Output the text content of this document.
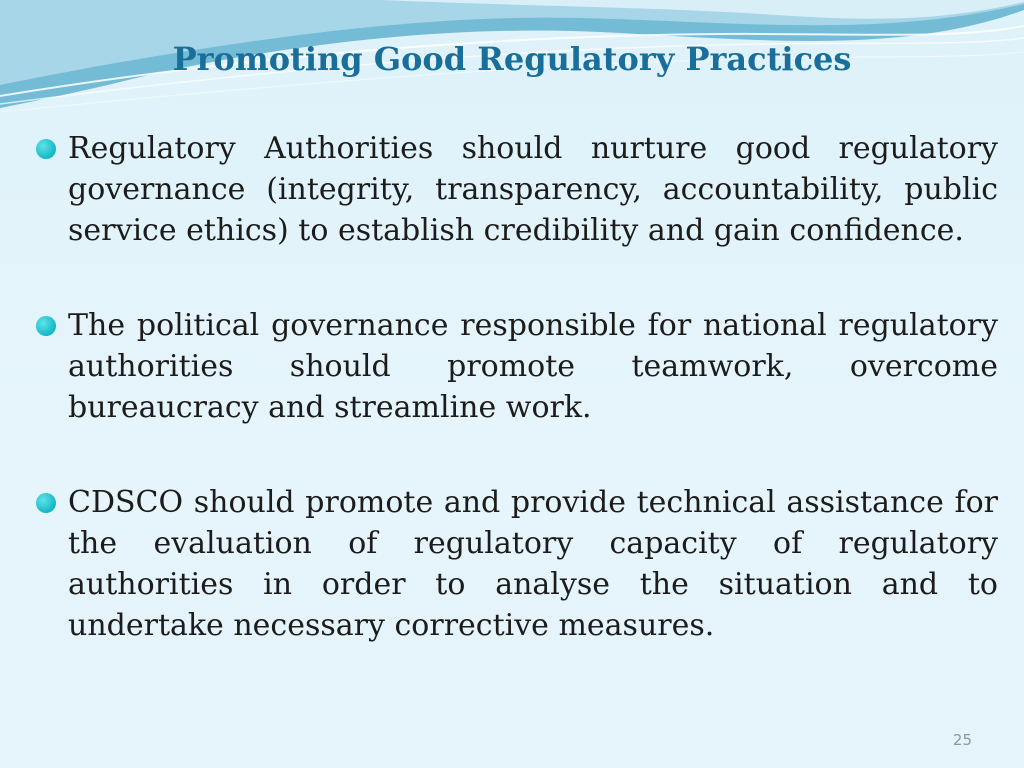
Promoting Good Regulatory Practices
Regulatory Authorities should nurture good regulatory governance (integrity, transparency, accountability, public service ethics) to establish credibility and gain confidence.
The political governance responsible for national regulatory authorities should promote teamwork, overcome bureaucracy and streamline work.
CDSCO should promote and provide technical assistance for the evaluation of regulatory capacity of regulatory authorities in order to analyse the situation and to undertake necessary corrective measures.
25
